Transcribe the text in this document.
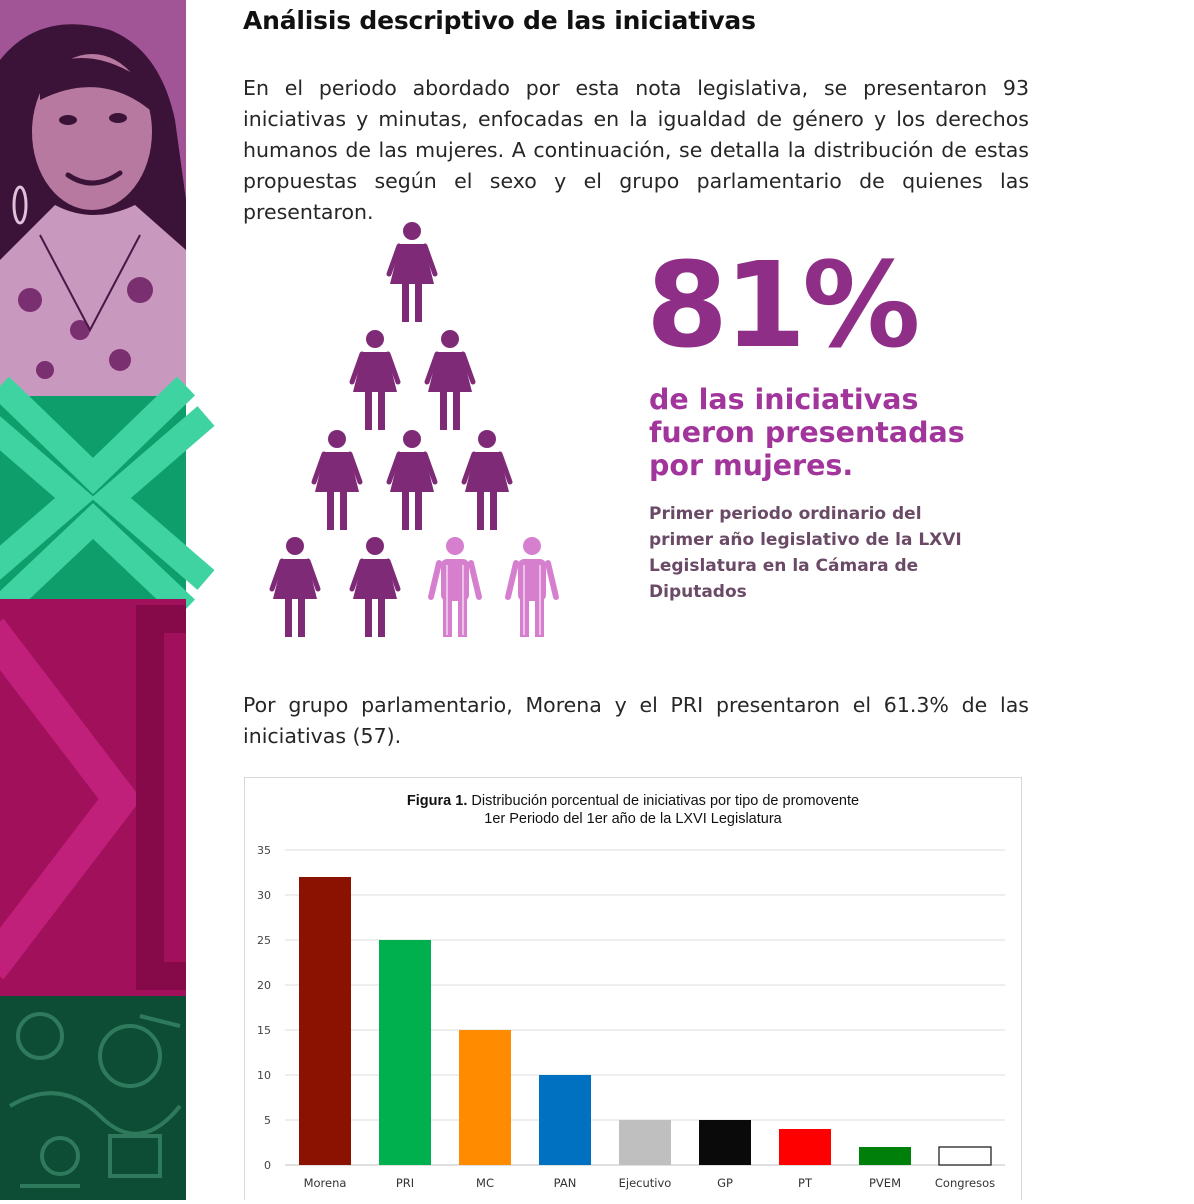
Análisis descriptivo de las iniciativas

En el periodo abordado por esta nota legislativa, se presentaron 93 iniciativas y minutas, enfocadas en la igualdad de género y los derechos humanos de las mujeres. A continuación, se detalla la distribución de estas propuestas según el sexo y el grupo parlamentario de quienes las presentaron.

81%

de las iniciativas fueron presentadas por mujeres.

Primer periodo ordinario del primer año legislativo de la LXVI Legislatura en la Cámara de Diputados

Por grupo parlamentario, Morena y el PRI presentaron el 61.3% de las iniciativas (57).

0
5
10
15
20
25
30
35
Morena	PRI	MC	PAN	Ejecutivo	GP	PT	PVEM	Congresos

Figura 1. Distribución porcentual de iniciativas por tipo de promovente
1er Periodo del 1er año de la LXVI Legislatura
